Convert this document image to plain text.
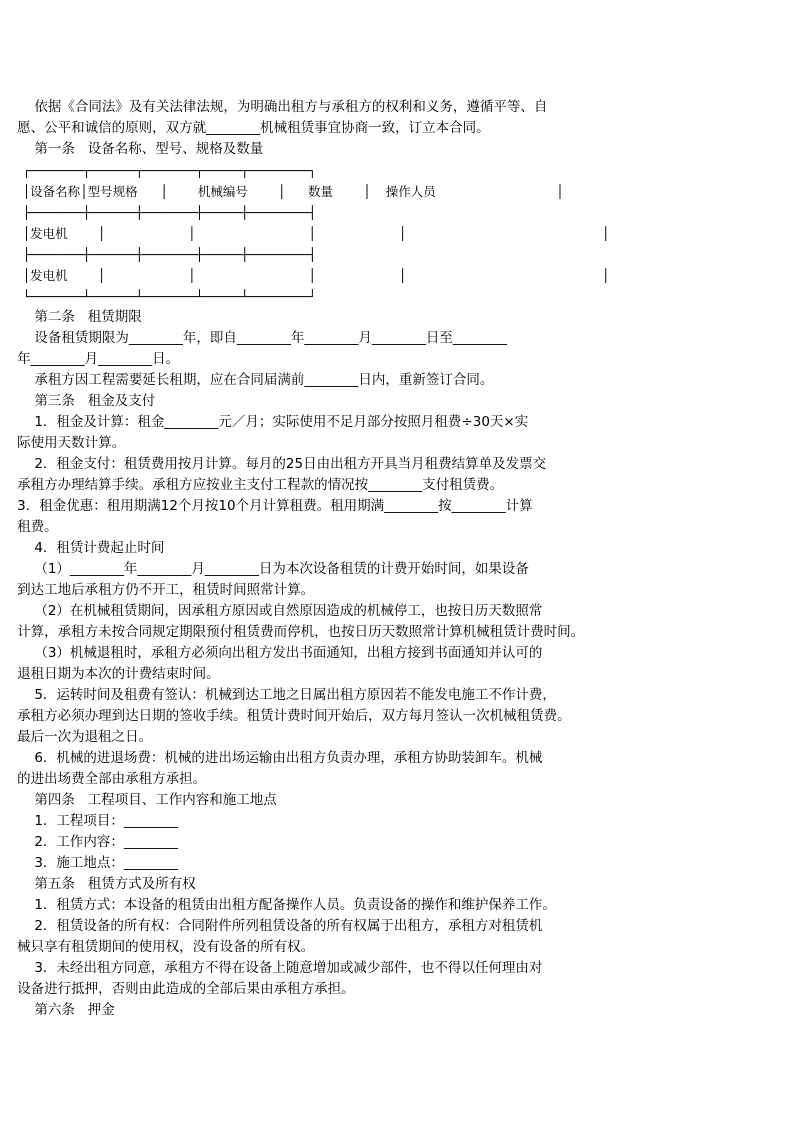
依据《合同法》及有关法律法规，为明确出租方与承租方的权利和义务，遵循平等、自
愿、公平和诚信的原则，双方就________机械租赁事宜协商一致，订立本合同。
第一条   设备名称、型号、规格及数量
┌───────┬──────┬───────┬─────┬────────┐
│设备名称│型号规格   │    机械编号    │   数量    │  操作人员                │
├───────┼──────┼───────┼─────┼────────┤
│发电机    │           │               │           │                          │
├───────┼──────┼───────┼─────┼────────┤
│发电机    │           │               │           │                          │
└───────┴──────┴───────┴─────┴────────┘
第二条   租赁期限
设备租赁期限为________年，即自________年________月________日至________
年________月________日。
承租方因工程需要延长租期，应在合同届满前________日内，重新签订合同。
第三条   租金及支付
1．租金及计算：租金________元／月；实际使用不足月部分按照月租费÷30天×实
际使用天数计算。
2．租金支付：租赁费用按月计算。每月的25日由出租方开具当月租费结算单及发票交
承租方办理结算手续。承租方应按业主支付工程款的情况按________支付租赁费。
3．租金优惠：租用期满12个月按10个月计算租费。租用期满________按________计算
租费。
4．租赁计费起止时间
（1）________年________月________日为本次设备租赁的计费开始时间，如果设备
到达工地后承租方仍不开工，租赁时间照常计算。
（2）在机械租赁期间，因承租方原因或自然原因造成的机械停工，也按日历天数照常
计算，承租方未按合同规定期限预付租赁费而停机，也按日历天数照常计算机械租赁计费时间。
（3）机械退租时，承租方必须向出租方发出书面通知，出租方接到书面通知并认可的
退租日期为本次的计费结束时间。
5．运转时间及租费有签认：机械到达工地之日属出租方原因若不能发电施工不作计费，
承租方必须办理到达日期的签收手续。租赁计费时间开始后，双方每月签认一次机械租赁费。
最后一次为退租之日。
6．机械的进退场费：机械的进出场运输由出租方负责办理，承租方协助装卸车。机械
的进出场费全部由承租方承担。
第四条   工程项目、工作内容和施工地点
1．工程项目：________
2．工作内容：________
3．施工地点：________
第五条   租赁方式及所有权
1．租赁方式：本设备的租赁由出租方配备操作人员。负责设备的操作和维护保养工作。
2．租赁设备的所有权：合同附件所列租赁设备的所有权属于出租方，承租方对租赁机
械只享有租赁期间的使用权，没有设备的所有权。
3．未经出租方同意，承租方不得在设备上随意增加或减少部件，也不得以任何理由对
设备进行抵押，否则由此造成的全部后果由承租方承担。
第六条   押金
